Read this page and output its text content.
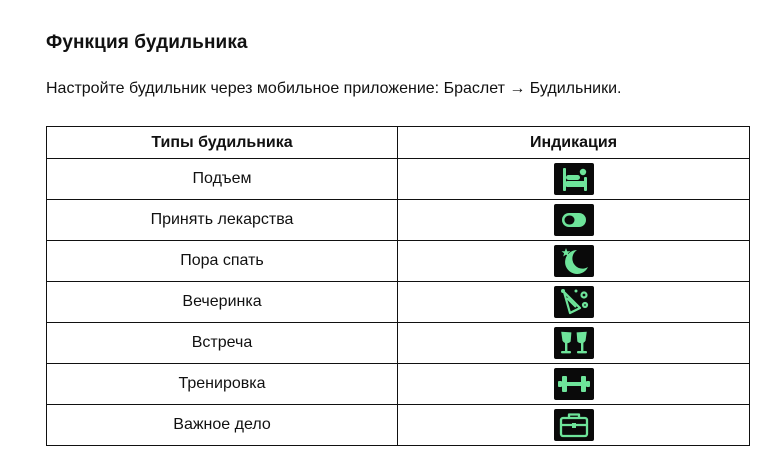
Функция будильника
Настройте будильник через мобильное приложение: Браслет → Будильники.
Типы будильника	Индикация
Подъем	

Принять лекарства	

Пора спать	

Вечеринка	

Встреча	

Тренировка	

Важное дело	
